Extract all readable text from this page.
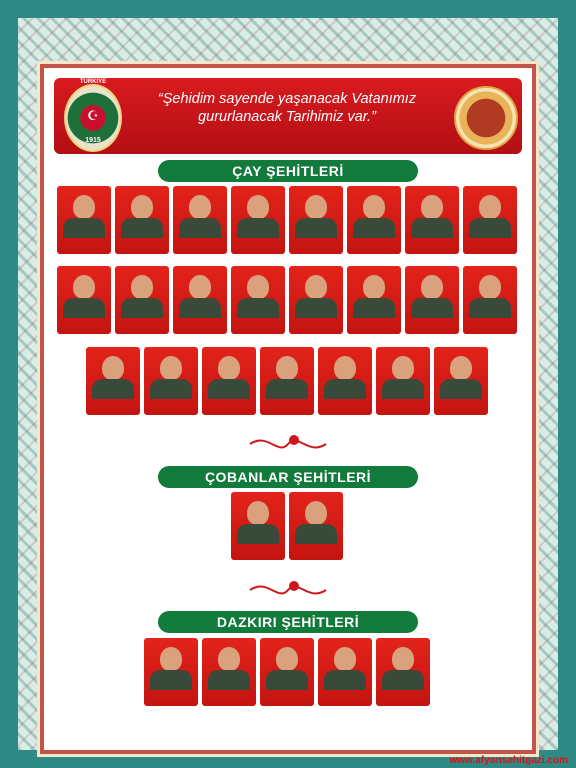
TÜRKİYE
☪
1915
“Şehidim sayende yaşanacak Vatanımız
gururlanacak Tarihimiz var.”
ÇAY ŞEHİTLERİ
ÇOBANLAR ŞEHİTLERİ
DAZKIRI ŞEHİTLERİ
www.afyonsehitgazi.com
